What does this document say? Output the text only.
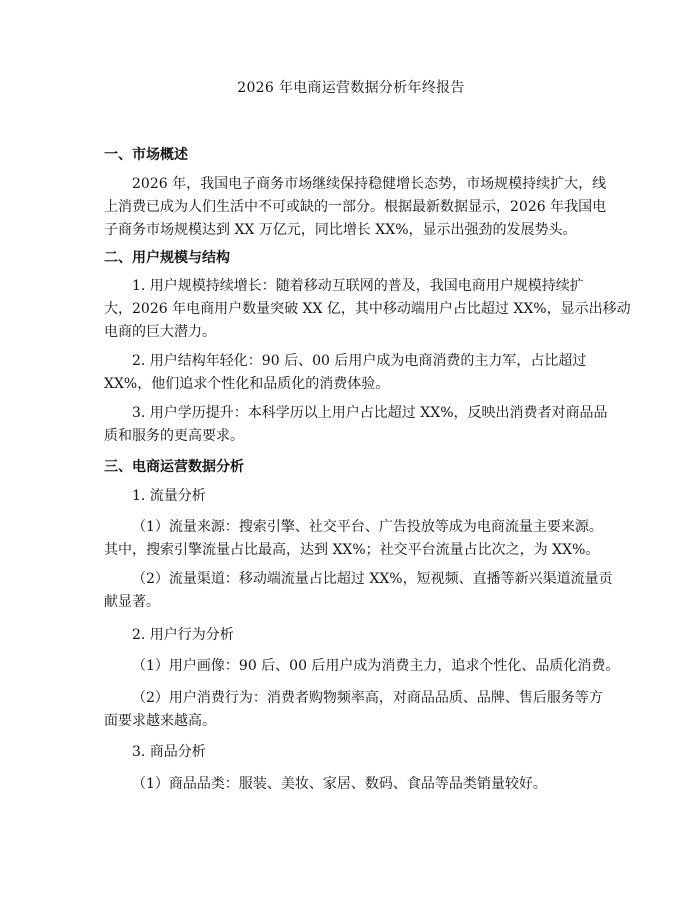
2026 年电商运营数据分析年终报告
一、市场概述
2026 年，我国电子商务市场继续保持稳健增长态势，市场规模持续扩大，线
上消费已成为人们生活中不可或缺的一部分。根据最新数据显示，2026 年我国电
子商务市场规模达到 XX 万亿元，同比增长 XX%，显示出强劲的发展势头。
二、用户规模与结构
1. 用户规模持续增长：随着移动互联网的普及，我国电商用户规模持续扩
大，2026 年电商用户数量突破 XX 亿，其中移动端用户占比超过 XX%，显示出移动
电商的巨大潜力。
2. 用户结构年轻化：90 后、00 后用户成为电商消费的主力军，占比超过
XX%，他们追求个性化和品质化的消费体验。
3. 用户学历提升：本科学历以上用户占比超过 XX%，反映出消费者对商品品
质和服务的更高要求。
三、电商运营数据分析
1. 流量分析
（1）流量来源：搜索引擎、社交平台、广告投放等成为电商流量主要来源。
其中，搜索引擎流量占比最高，达到 XX%；社交平台流量占比次之，为 XX%。
（2）流量渠道：移动端流量占比超过 XX%，短视频、直播等新兴渠道流量贡
献显著。
2. 用户行为分析
（1）用户画像：90 后、00 后用户成为消费主力，追求个性化、品质化消费。
（2）用户消费行为：消费者购物频率高，对商品品质、品牌、售后服务等方
面要求越来越高。
3. 商品分析
（1）商品品类：服装、美妆、家居、数码、食品等品类销量较好。
